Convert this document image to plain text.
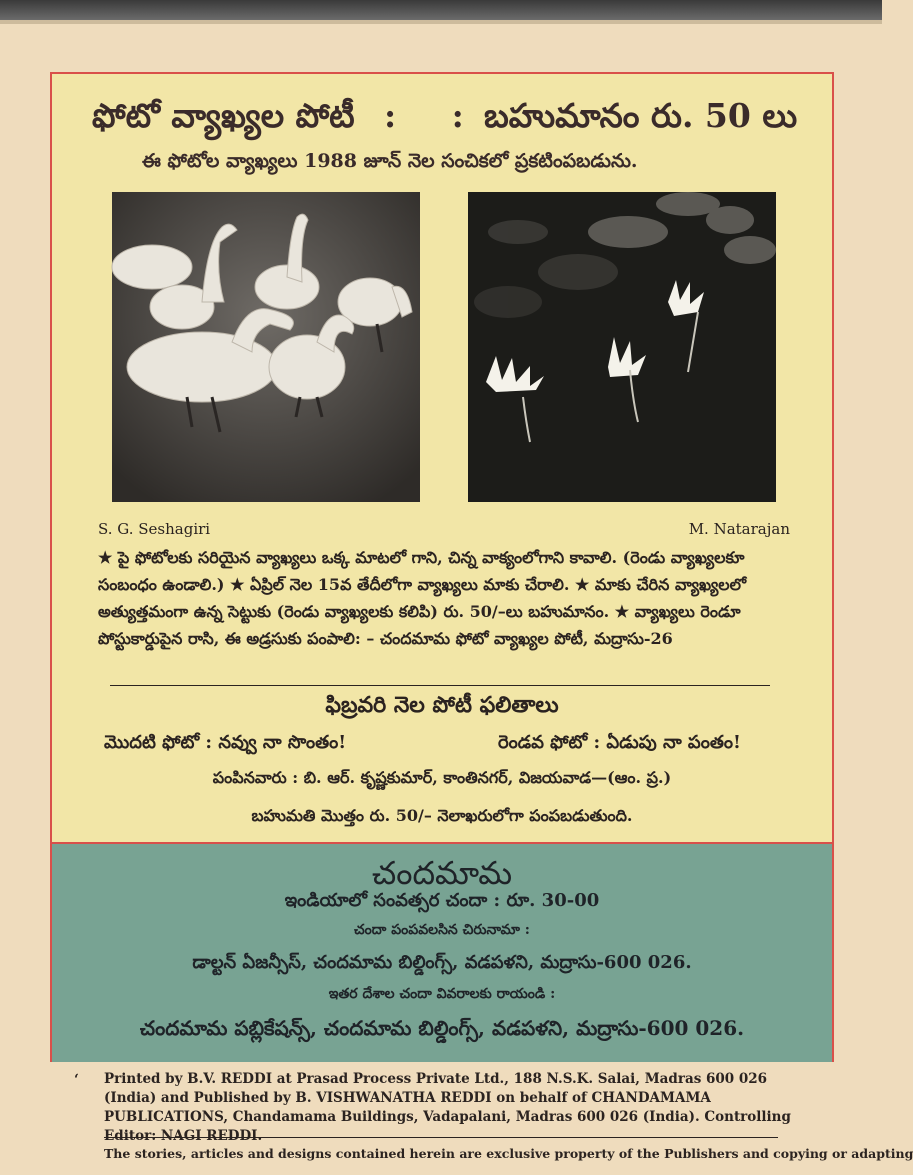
ఫోటో వ్యాఖ్యల పోటీ : :
బహుమానం రు. 50 లు
ఈ ఫోటోల వ్యాఖ్యలు 1988 జూన్ నెల సంచికలో ప్రకటింపబడును.
S. G. Seshagiri	M. Natarajan
★ పై ఫోటోలకు సరియైన వ్యాఖ్యలు ఒక్క మాటలో గాని, చిన్న వాక్యంలోగాని కావాలి. (రెండు వ్యాఖ్యలకూ సంబంధం ఉండాలి.) ★ ఏప్రిల్ నెల 15వ తేదీలోగా వ్యాఖ్యలు మాకు చేరాలి. ★ మాకు చేరిన వ్యాఖ్యలలో అత్యుత్తమంగా ఉన్న సెట్టుకు (రెండు వ్యాఖ్యలకు కలిపి) రు. 50/–లు బహుమానం. ★ వ్యాఖ్యలు రెండూ పోస్టుకార్డుపైన రాసి, ఈ అడ్రసుకు పంపాలి: – చందమామ ఫోటో వ్యాఖ్యల పోటీ, మద్రాసు-26
ఫిబ్రవరి నెల పోటీ ఫలితాలు
మొదటి ఫోటో : నవ్వు నా సొంతం!	రెండవ ఫోటో : ఏడుపు నా పంతం!
పంపినవారు : బి. ఆర్. కృష్ణకుమార్, కాంతినగర్, విజయవాడ—(ఆం. ప్ర.)
బహుమతి మొత్తం రు. 50/– నెలాఖరులోగా పంపబడుతుంది.
చందమామ
ఇండియాలో సంవత్సర చందా : రూ. 30-00
చందా పంపవలసిన చిరునామా :
డాల్టన్ ఏజన్సీస్, చందమామ బిల్డింగ్స్, వడపళని, మద్రాసు-600 026.
ఇతర దేశాల చందా వివరాలకు రాయండి :
చందమామ పబ్లికేషన్స్, చందమామ బిల్డింగ్స్, వడపళని, మద్రాసు-600 026.
‘ Printed by B.V. REDDI at Prasad Process Private Ltd., 188 N.S.K. Salai, Madras 600 026 (India) and Published by B. VISHWANATHA REDDI on behalf of CHANDAMAMA PUBLICATIONS, Chandamama Buildings, Vadapalani, Madras 600 026 (India). Controlling Editor: NAGI REDDI.
The stories, articles and designs contained herein are exclusive property of the Publishers and copying or adapting
